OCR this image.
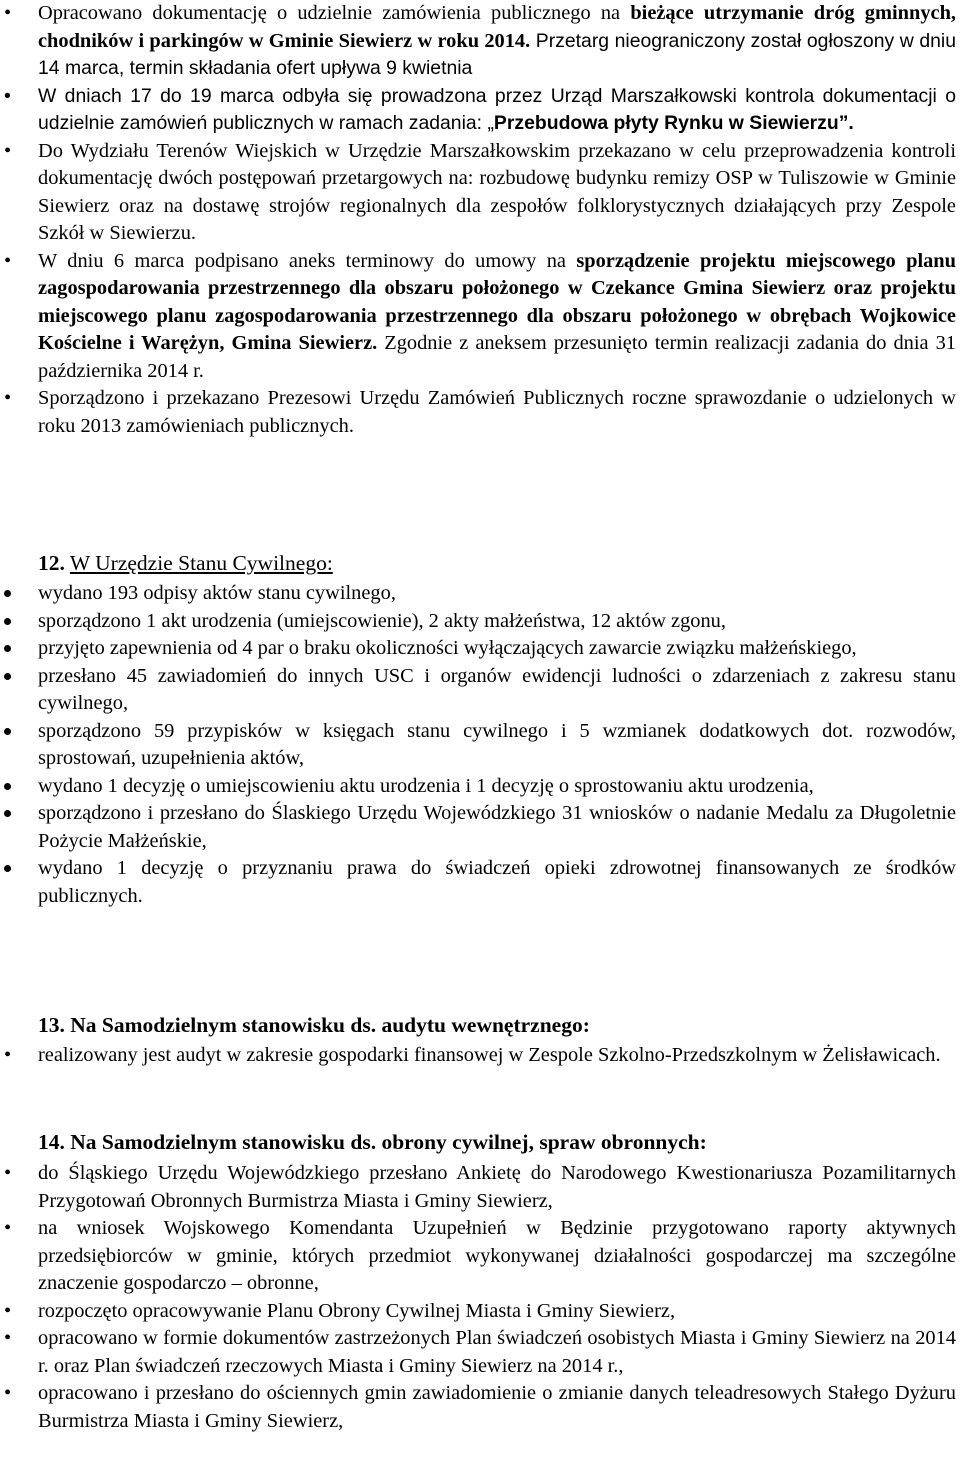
•	Opracowano dokumentację o udzielnie zamówienia publicznego na bieżące utrzymanie dróg gminnych, chodników i parkingów w Gminie Siewierz w roku 2014. Przetarg nieograniczony został ogłoszony w dniu 14 marca, termin składania ofert upływa 9 kwietnia
•	W dniach 17 do 19 marca odbyła się prowadzona przez Urząd Marszałkowski kontrola dokumentacji o udzielnie zamówień publicznych w ramach zadania: „Przebudowa płyty Rynku w Siewierzu”.
•	Do Wydziału Terenów Wiejskich w Urzędzie Marszałkowskim przekazano w celu przeprowadzenia kontroli dokumentację dwóch postępowań przetargowych na: rozbudowę budynku remizy OSP w Tuliszowie w Gminie Siewierz oraz na dostawę strojów regionalnych dla zespołów folklorystycznych działających przy Zespole Szkół w Siewierzu.
•	W dniu 6 marca podpisano aneks terminowy do umowy na sporządzenie projektu miejscowego planu zagospodarowania przestrzennego dla obszaru położonego w Czekance Gmina Siewierz oraz projektu miejscowego planu zagospodarowania przestrzennego dla obszaru położonego w obrębach Wojkowice Kościelne i Warężyn, Gmina Siewierz. Zgodnie z aneksem przesunięto termin realizacji zadania do dnia 31 października 2014 r.
•	Sporządzono i przekazano Prezesowi Urzędu Zamówień Publicznych roczne sprawozdanie o udzielonych w roku 2013 zamówieniach publicznych.
12. W Urzędzie Stanu Cywilnego:
wydano 193 odpisy aktów stanu cywilnego,
sporządzono 1 akt urodzenia (umiejscowienie), 2 akty małżeństwa, 12 aktów zgonu,
przyjęto zapewnienia od 4 par o braku okoliczności wyłączających zawarcie związku małżeńskiego,
przesłano 45 zawiadomień do innych USC i organów ewidencji ludności o zdarzeniach z zakresu stanu cywilnego,
sporządzono 59 przypisków w księgach stanu cywilnego i 5 wzmianek dodatkowych dot. rozwodów, sprostowań, uzupełnienia aktów,
wydano 1 decyzję o umiejscowieniu aktu urodzenia i 1 decyzję o sprostowaniu aktu urodzenia,
sporządzono i przesłano do Ślaskiego Urzędu Wojewódzkiego 31 wniosków o nadanie Medalu za Długoletnie Pożycie Małżeńskie,
wydano 1 decyzję o przyznaniu prawa do świadczeń opieki zdrowotnej finansowanych ze środków publicznych.
13. Na Samodzielnym stanowisku ds. audytu wewnętrznego:
•	realizowany jest audyt w zakresie gospodarki finansowej w Zespole Szkolno-Przedszkolnym w Żelisławicach.
14. Na Samodzielnym stanowisku ds. obrony cywilnej, spraw obronnych:
•	do Śląskiego Urzędu Wojewódzkiego przesłano Ankietę do Narodowego Kwestionariusza Pozamilitarnych Przygotowań Obronnych Burmistrza Miasta i Gminy Siewierz,
•	na wniosek Wojskowego Komendanta Uzupełnień w Będzinie przygotowano raporty aktywnych przedsiębiorców w gminie, których przedmiot wykonywanej działalności gospodarczej ma szczególne znaczenie gospodarczo – obronne,
•	rozpoczęto opracowywanie Planu Obrony Cywilnej Miasta i Gminy Siewierz,
•	opracowano w formie dokumentów zastrzeżonych Plan świadczeń osobistych Miasta i Gminy Siewierz na 2014 r. oraz Plan świadczeń rzeczowych Miasta i Gminy Siewierz na 2014 r.,
•	opracowano i przesłano do ościennych gmin zawiadomienie o zmianie danych teleadresowych Stałego Dyżuru Burmistrza Miasta i Gminy Siewierz,
